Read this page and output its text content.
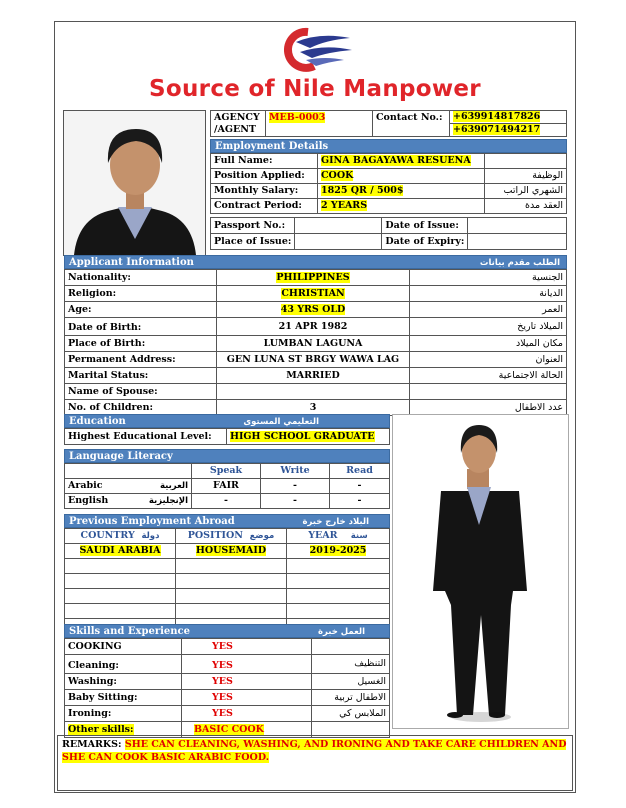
Source of Nile Manpower
AGENCY /AGENT	MEB-0003	Contact No.:	+639914817826
+639071494217
Employment Details
Full Name:	GINA BAGAYAWA RESUENA	
Position Applied:	COOK	الوظيفة
Monthly Salary:	1825 QR / 500$	الشهري الراتب
Contract Period:	2 YEARS	العقد مدة
Passport No.:		Date of Issue:	
Place of Issue:		Date of Expiry:	
Applicant Information	الطلب مقدم بيانات
Nationality:	PHILIPPINES	الجنسية
Religion:	CHRISTIAN	الديانة
Age:	43 YRS OLD	العمر
Date of Birth:	21 APR 1982	الميلاد تاريخ
Place of Birth:	LUMBAN LAGUNA	مكان الميلاد
Permanent Address:	GEN LUNA ST BRGY WAWA LAG	العنوان
Marital Status:	MARRIED	الحالة الاجتماعية
Name of Spouse:		
No. of Children:	3	عدد الاطفال
Education	التعليمي المستوى
Highest Educational Level:	HIGH SCHOOL GRADUATE
Language Literacy
	Speak	Write	Read
Arabic العربية	FAIR	-	-
English الإنجليزية	-	-	-
Previous Employment Abroad	البلاد خارج خبرة
COUNTRY دولة	POSITION موضع	YEAR سنة
SAUDI ARABIA	HOUSEMAID	2019-2025

Skills and Experience	العمل خبرة
COOKING	YES	
Cleaning:	YES	التنظيف
Washing:	YES	الغسيل
Baby Sitting:	YES	الاطفال تربية
Ironing:	YES	الملابس كي
Other skills:	BASIC COOK	
REMARKS: SHE CAN CLEANING, WASHING, AND IRONING AND TAKE CARE CHILDREN AND SHE CAN COOK BASIC ARABIC FOOD.
